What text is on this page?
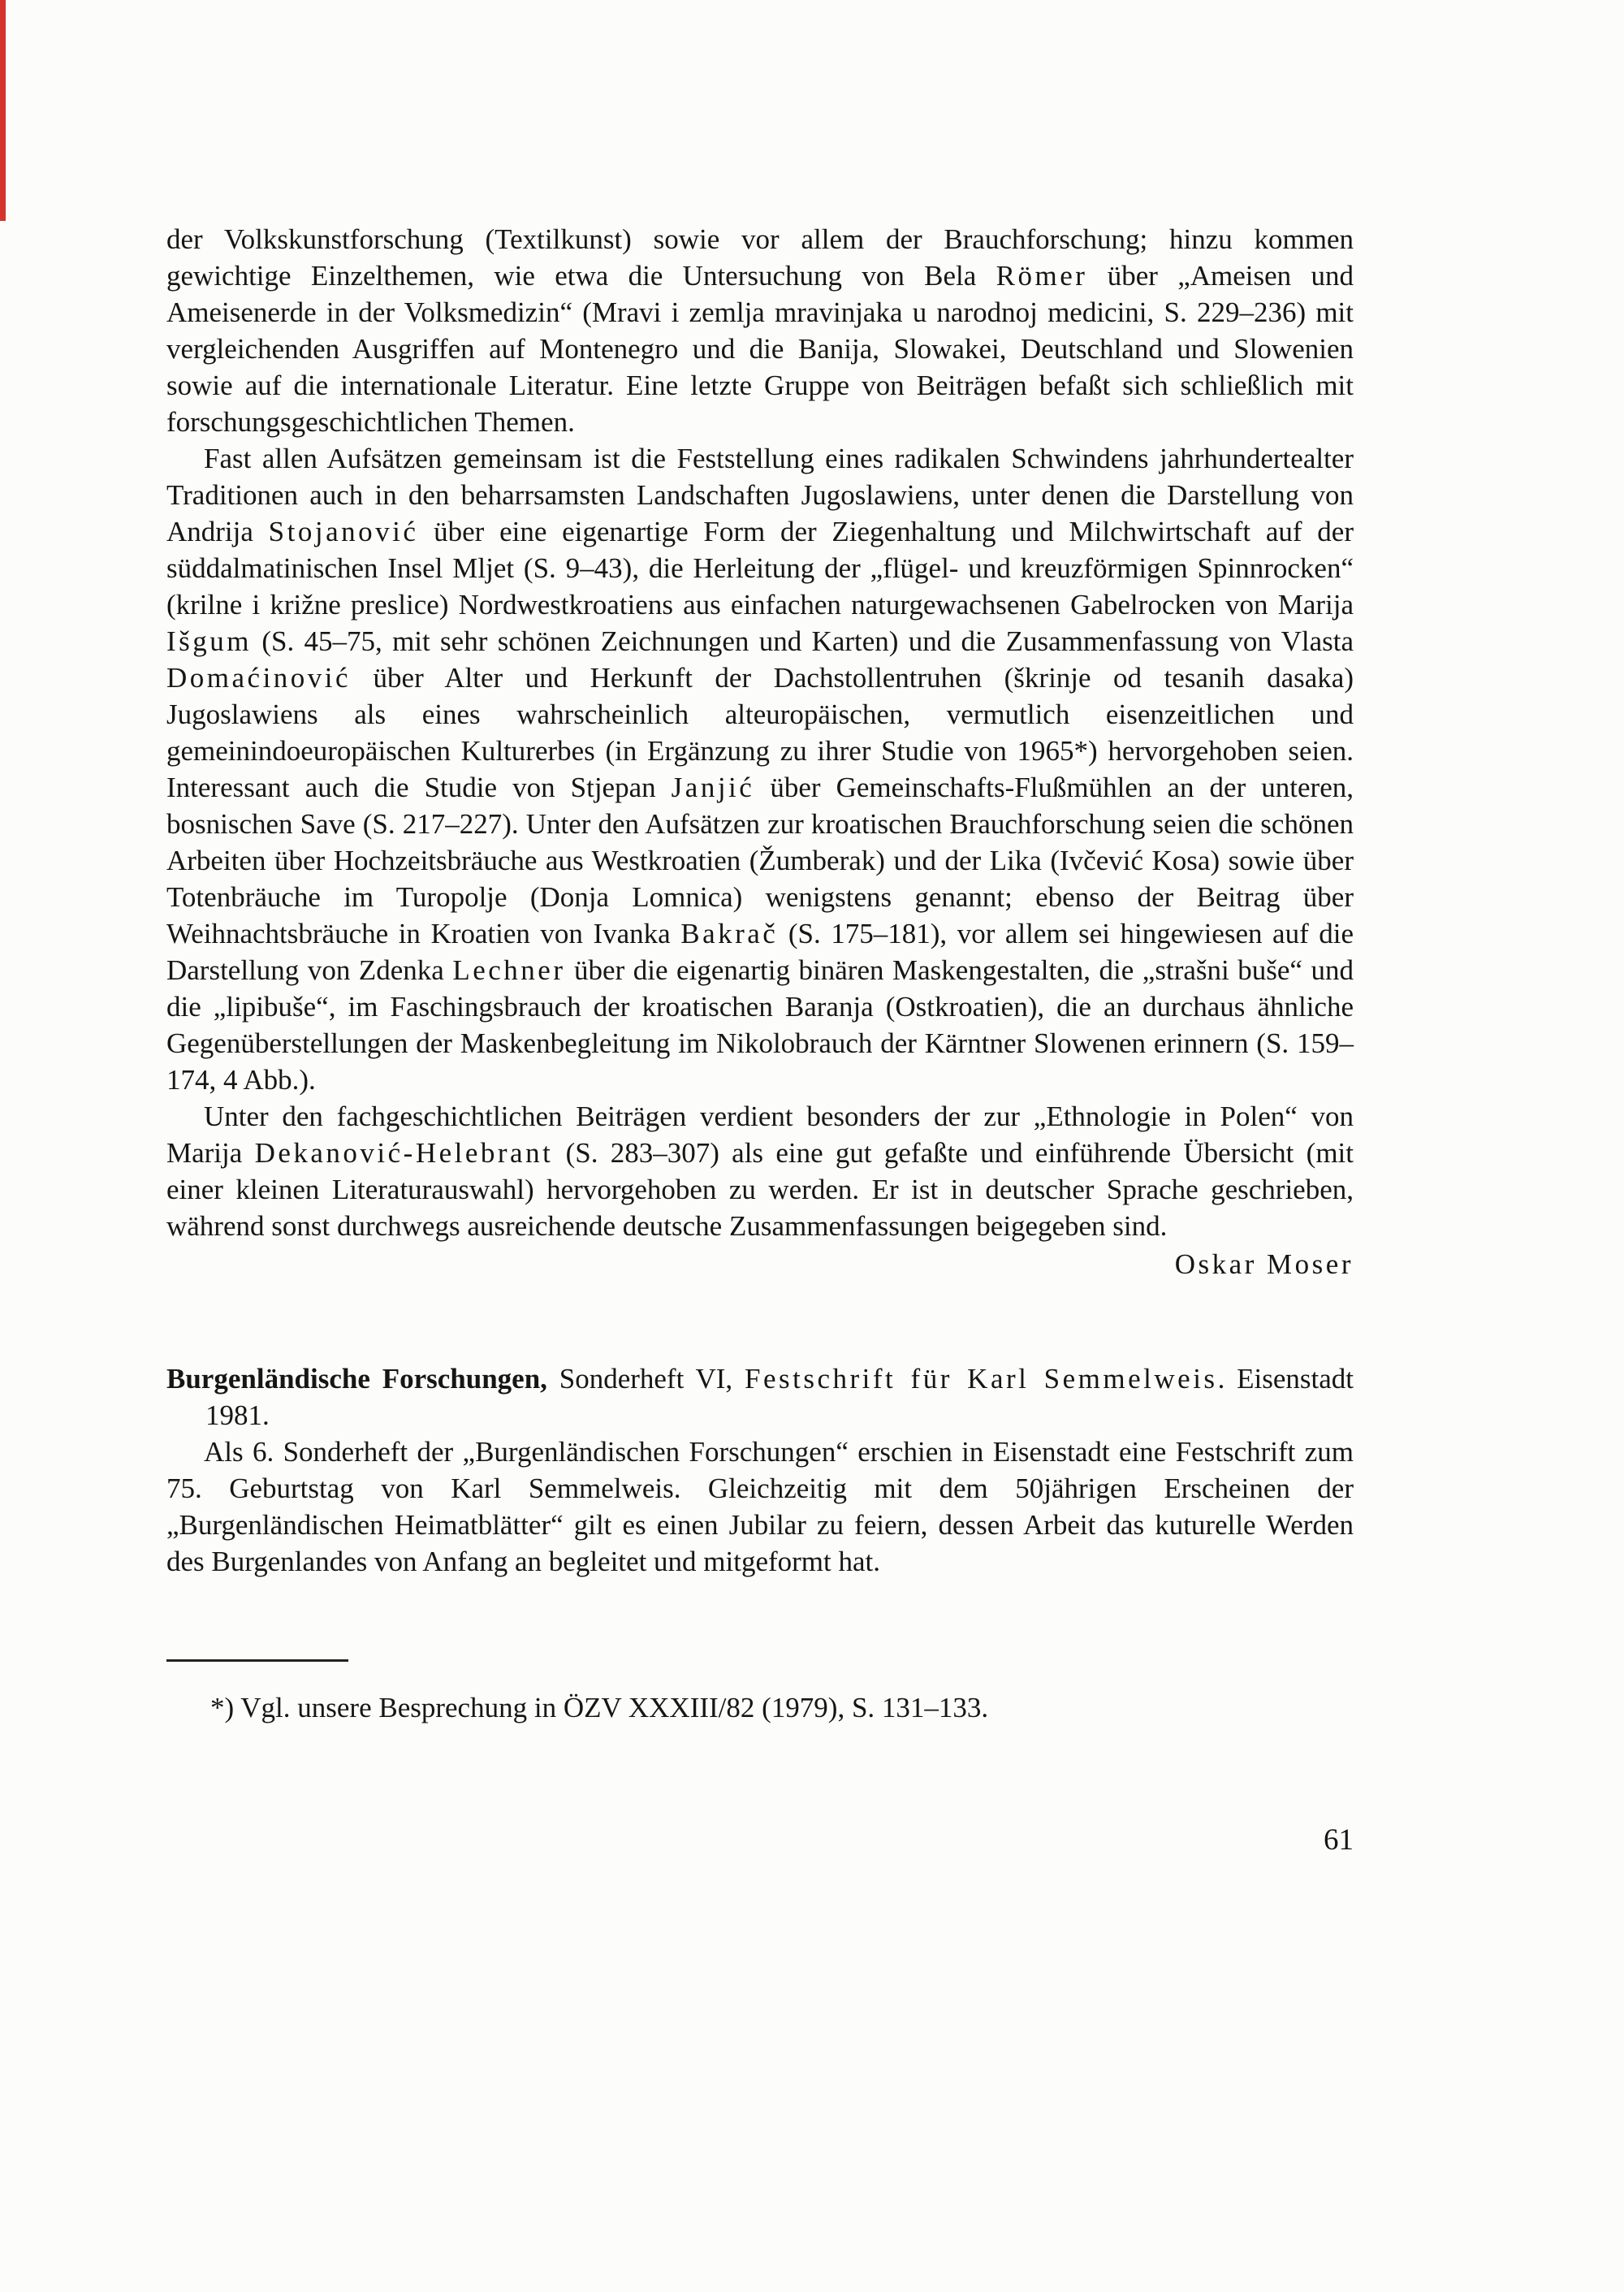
der Volkskunstforschung (Textilkunst) sowie vor allem der Brauchforschung; hinzu kommen gewichtige Einzelthemen, wie etwa die Untersuchung von Bela Römer über „Ameisen und Ameisenerde in der Volksmedizin“ (Mravi i zemlja mravinjaka u narodnoj medicini, S. 229–236) mit vergleichenden Ausgriffen auf Montenegro und die Banija, Slowakei, Deutschland und Slowenien sowie auf die internationale Literatur. Eine letzte Gruppe von Beiträgen befaßt sich schließlich mit forschungsgeschichtlichen Themen.

Fast allen Aufsätzen gemeinsam ist die Feststellung eines radikalen Schwindens jahrhundertealter Traditionen auch in den beharrsamsten Landschaften Jugoslawiens, unter denen die Darstellung von Andrija Stojanović über eine eigenartige Form der Ziegenhaltung und Milchwirtschaft auf der süddalmatinischen Insel Mljet (S. 9–43), die Herleitung der „flügel- und kreuzförmigen Spinnrocken“ (krilne i križne preslice) Nordwestkroatiens aus einfachen naturgewachsenen Gabelrocken von Marija Išgum (S. 45–75, mit sehr schönen Zeichnungen und Karten) und die Zusammenfassung von Vlasta Domaćinović über Alter und Herkunft der Dachstollentruhen (škrinje od tesanih dasaka) Jugoslawiens als eines wahrscheinlich alteuropäischen, vermutlich eisenzeitlichen und gemeinindoeuropäischen Kulturerbes (in Ergänzung zu ihrer Studie von 1965*) hervorgehoben seien. Interessant auch die Studie von Stjepan Janjić über Gemeinschafts-Flußmühlen an der unteren, bosnischen Save (S. 217–227). Unter den Aufsätzen zur kroatischen Brauchforschung seien die schönen Arbeiten über Hochzeitsbräuche aus Westkroatien (Žumberak) und der Lika (Ivčević Kosa) sowie über Totenbräuche im Turopolje (Donja Lomnica) wenigstens genannt; ebenso der Beitrag über Weihnachtsbräuche in Kroatien von Ivanka Bakrač (S. 175–181), vor allem sei hingewiesen auf die Darstellung von Zdenka Lechner über die eigenartig binären Maskengestalten, die „strašni buše“ und die „lipibuše“, im Faschingsbrauch der kroatischen Baranja (Ostkroatien), die an durchaus ähnliche Gegenüberstellungen der Maskenbegleitung im Nikolobrauch der Kärntner Slowenen erinnern (S. 159–174, 4 Abb.).

Unter den fachgeschichtlichen Beiträgen verdient besonders der zur „Ethnologie in Polen“ von Marija Dekanović-Helebrant (S. 283–307) als eine gut gefaßte und einführende Übersicht (mit einer kleinen Literaturauswahl) hervorgehoben zu werden. Er ist in deutscher Sprache geschrieben, während sonst durchwegs ausreichende deutsche Zusammenfassungen beigegeben sind.

Oskar Moser

Burgenländische Forschungen, Sonderheft VI, Festschrift für Karl Semmelweis. Eisenstadt 1981.

Als 6. Sonderheft der „Burgenländischen Forschungen“ erschien in Eisenstadt eine Festschrift zum 75. Geburtstag von Karl Semmelweis. Gleichzeitig mit dem 50jährigen Erscheinen der „Burgenländischen Heimatblätter“ gilt es einen Jubilar zu feiern, dessen Arbeit das kuturelle Werden des Burgenlandes von Anfang an begleitet und mitgeformt hat.

*) Vgl. unsere Besprechung in ÖZV XXXIII/82 (1979), S. 131–133.

61
